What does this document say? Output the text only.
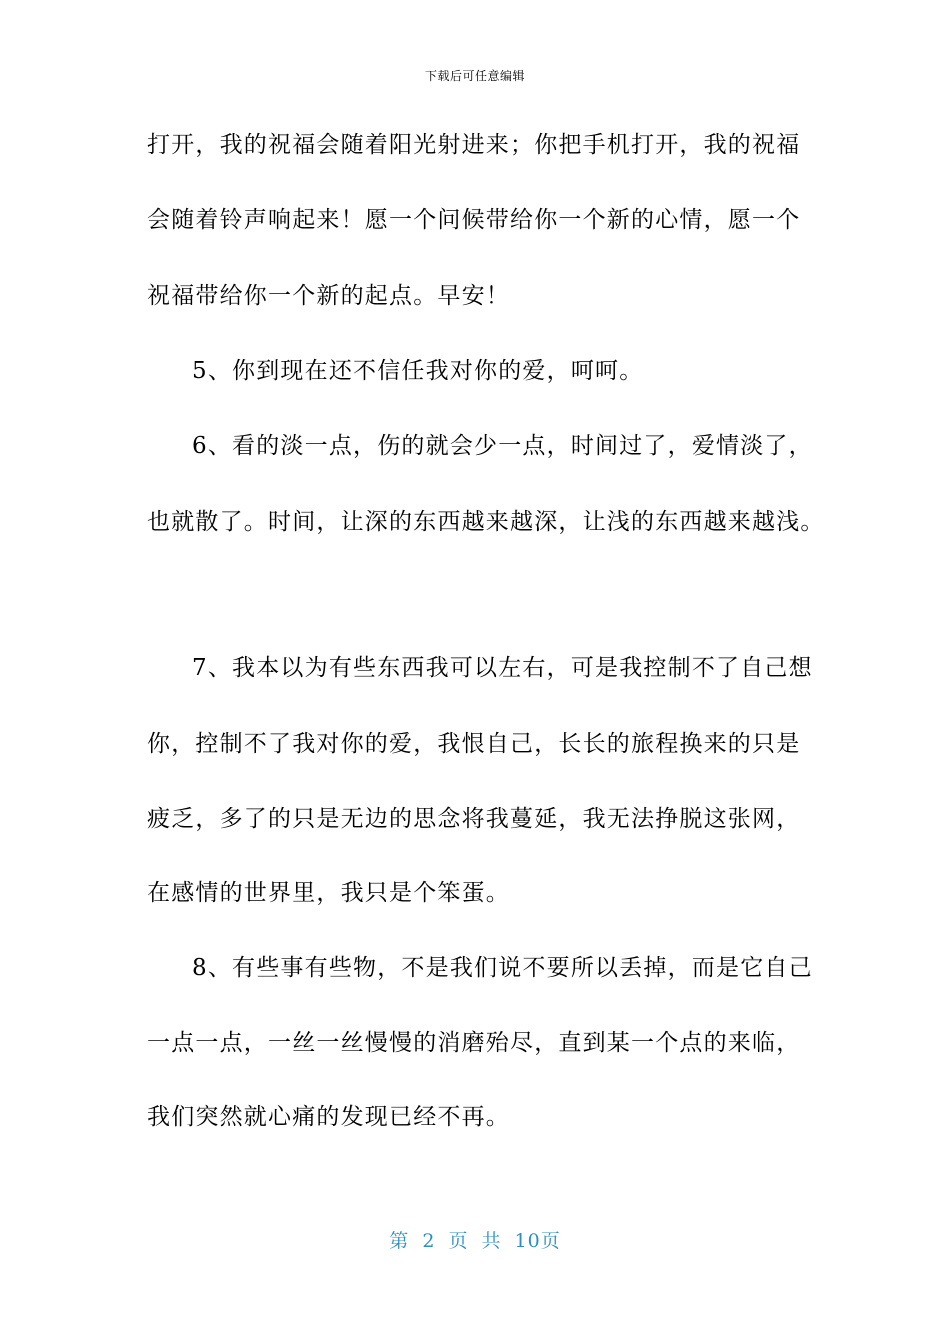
下载后可任意编辑
打开，我的祝福会随着阳光射进来；你把手机打开，我的祝福
会随着铃声响起来！愿一个问候带给你一个新的心情，愿一个
祝福带给你一个新的起点。早安！
5、你到现在还不信任我对你的爱，呵呵。
6、看的淡一点，伤的就会少一点，时间过了，爱情淡了，
也就散了。时间，让深的东西越来越深，让浅的东西越来越浅。
7、我本以为有些东西我可以左右，可是我控制不了自己想
你，控制不了我对你的爱，我恨自己，长长的旅程换来的只是
疲乏，多了的只是无边的思念将我蔓延，我无法挣脱这张网，
在感情的世界里，我只是个笨蛋。
8、有些事有些物，不是我们说不要所以丢掉，而是它自己
一点一点，一丝一丝慢慢的消磨殆尽，直到某一个点的来临，
我们突然就心痛的发现已经不再。
第 2 页 共 10页
